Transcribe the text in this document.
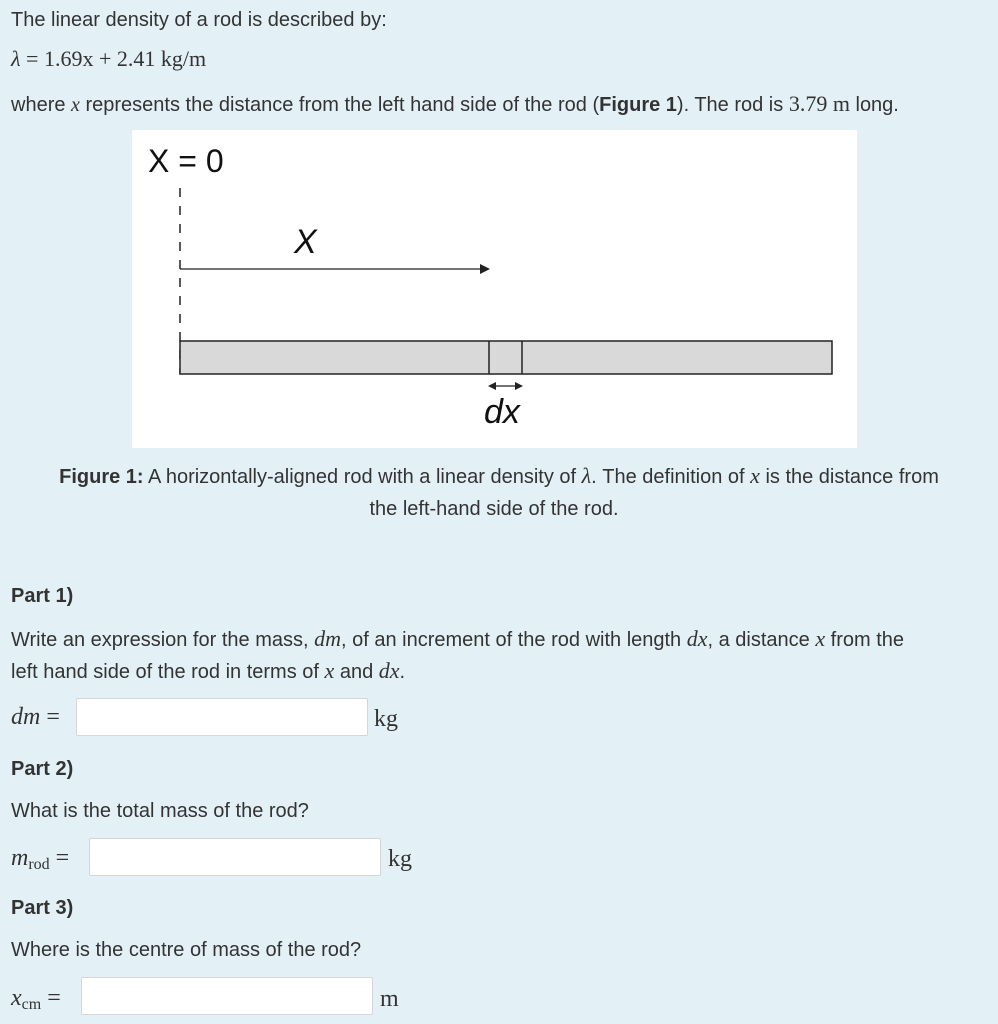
The linear density of a rod is described by:
λ = 1.69x + 2.41 kg/m
where x represents the distance from the left hand side of the rod (Figure 1). The rod is 3.79 m long.
X = 0
X
dx
Figure 1: A horizontally-aligned rod with a linear density of λ. The definition of x is the distance from
the left-hand side of the rod.
Part 1)
Write an expression for the mass, dm, of an increment of the rod with length dx, a distance x from the
left hand side of the rod in terms of x and dx.
dm =	kg
Part 2)
What is the total mass of the rod?
$m_{rod}$ =	kg
Part 3)
Where is the centre of mass of the rod?
$x_{cm}$ =	m
